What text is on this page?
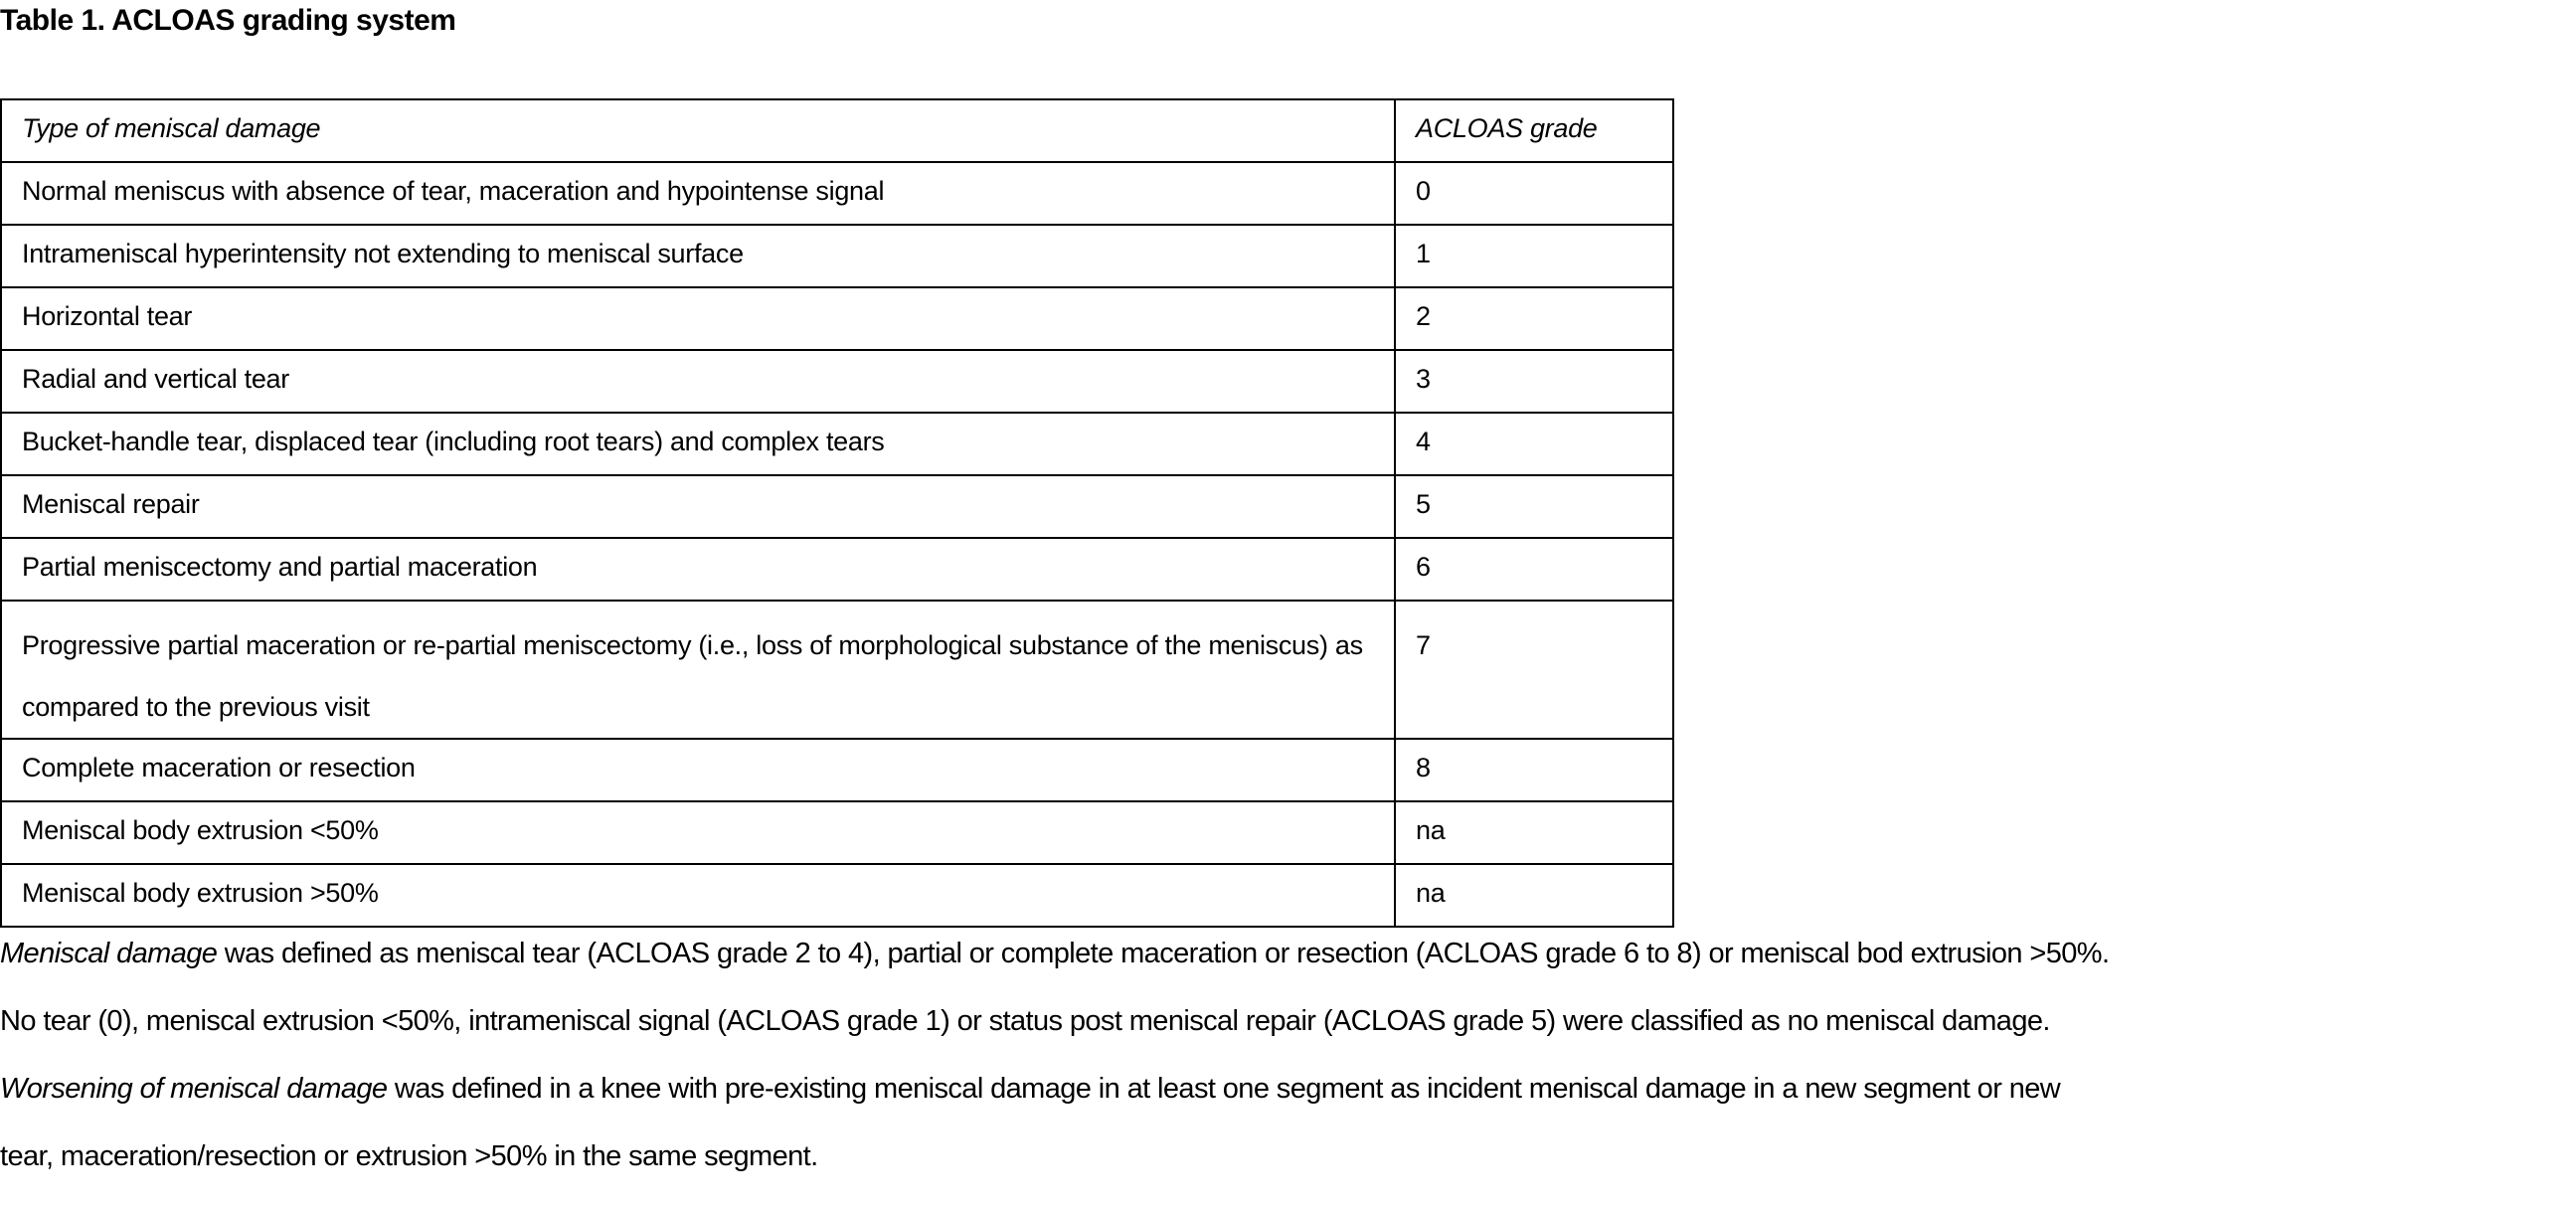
Table 1. ACLOAS grading system
Type of meniscal damage	ACLOAS grade
Normal meniscus with absence of tear, maceration and hypointense signal	0
Intrameniscal hyperintensity not extending to meniscal surface	1
Horizontal tear	2
Radial and vertical tear	3
Bucket-handle tear, displaced tear (including root tears) and complex tears	4
Meniscal repair	5
Partial meniscectomy and partial maceration	6
Progressive partial maceration or re-partial meniscectomy (i.e., loss of morphological substance of the meniscus) as compared to the previous visit	7
Complete maceration or resection	8
Meniscal body extrusion <50%	na
Meniscal body extrusion >50%	na

Meniscal damage was defined as meniscal tear (ACLOAS grade 2 to 4), partial or complete maceration or resection (ACLOAS grade 6 to 8) or meniscal bod extrusion >50%.

No tear (0), meniscal extrusion <50%, intrameniscal signal (ACLOAS grade 1) or status post meniscal repair (ACLOAS grade 5) were classified as no meniscal damage.

Worsening of meniscal damage was defined in a knee with pre-existing meniscal damage in at least one segment as incident meniscal damage in a new segment or new

tear, maceration/resection or extrusion >50% in the same segment.
